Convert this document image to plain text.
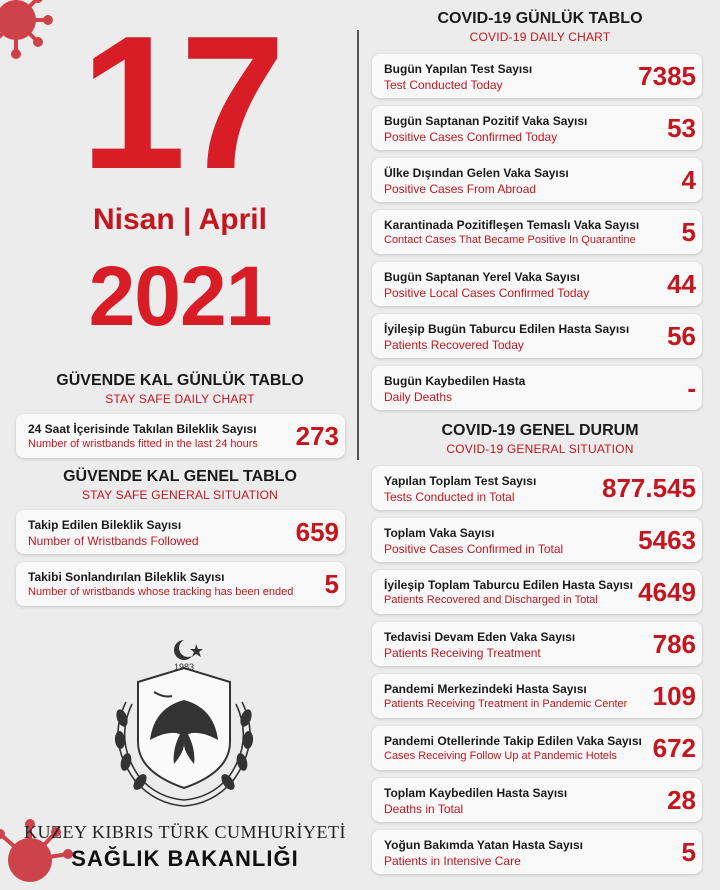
17
Nisan | April
2021
GÜVENDE KAL GÜNLÜK TABLO
STAY SAFE DAILY CHART
24 Saat İçerisinde Takılan Bileklik Sayısı
Number of wristbands fitted in the last 24 hours 273
GÜVENDE KAL GENEL TABLO
STAY SAFE GENERAL SITUATION
Takip Edilen Bileklik Sayısı
Number of Wristbands Followed	659
Takibi Sonlandırılan Bileklik Sayısı
Number of wristbands whose tracking has been ended 5
1983
KUZEY KIBRIS TÜRK CUMHURİYETİ
SAĞLIK BAKANLIĞI
COVID-19 GÜNLÜK TABLO
COVID-19 DAILY CHART
Bugün Yapılan Test Sayısı
Test Conducted Today	7385
Bugün Saptanan Pozitif Vaka Sayısı
Positive Cases Confirmed Today	53
Ülke Dışından Gelen Vaka Sayısı
Positive Cases From Abroad	4
Karantinada Pozitifleşen Temaslı Vaka Sayısı
Contact Cases That Became Positive In Quarantine 5
Bugün Saptanan Yerel Vaka Sayısı
Positive Local Cases Confirmed Today	44
İyileşip Bugün Taburcu Edilen Hasta Sayısı
Patients Recovered Today	56
Bugün Kaybedilen Hasta
Daily Deaths	-
COVID-19 GENEL DURUM
COVID-19 GENERAL SITUATION
Yapılan Toplam Test Sayısı
Tests Conducted in Total	877.545
Toplam Vaka Sayısı
Positive Cases Confirmed in Total	5463
İyileşip Toplam Taburcu Edilen Hasta Sayısı
Patients Recovered and Discharged in Total 4649
Tedavisi Devam Eden Vaka Sayısı
Patients Receiving Treatment	786
Pandemi Merkezindeki Hasta Sayısı
Patients Receiving Treatment in Pandemic Center 109
Pandemi Otellerinde Takip Edilen Vaka Sayısı
Cases Receiving Follow Up at Pandemic Hotels 672
Toplam Kaybedilen Hasta Sayısı
Deaths in Total	28
Yoğun Bakımda Yatan Hasta Sayısı
Patients in Intensive Care	5
